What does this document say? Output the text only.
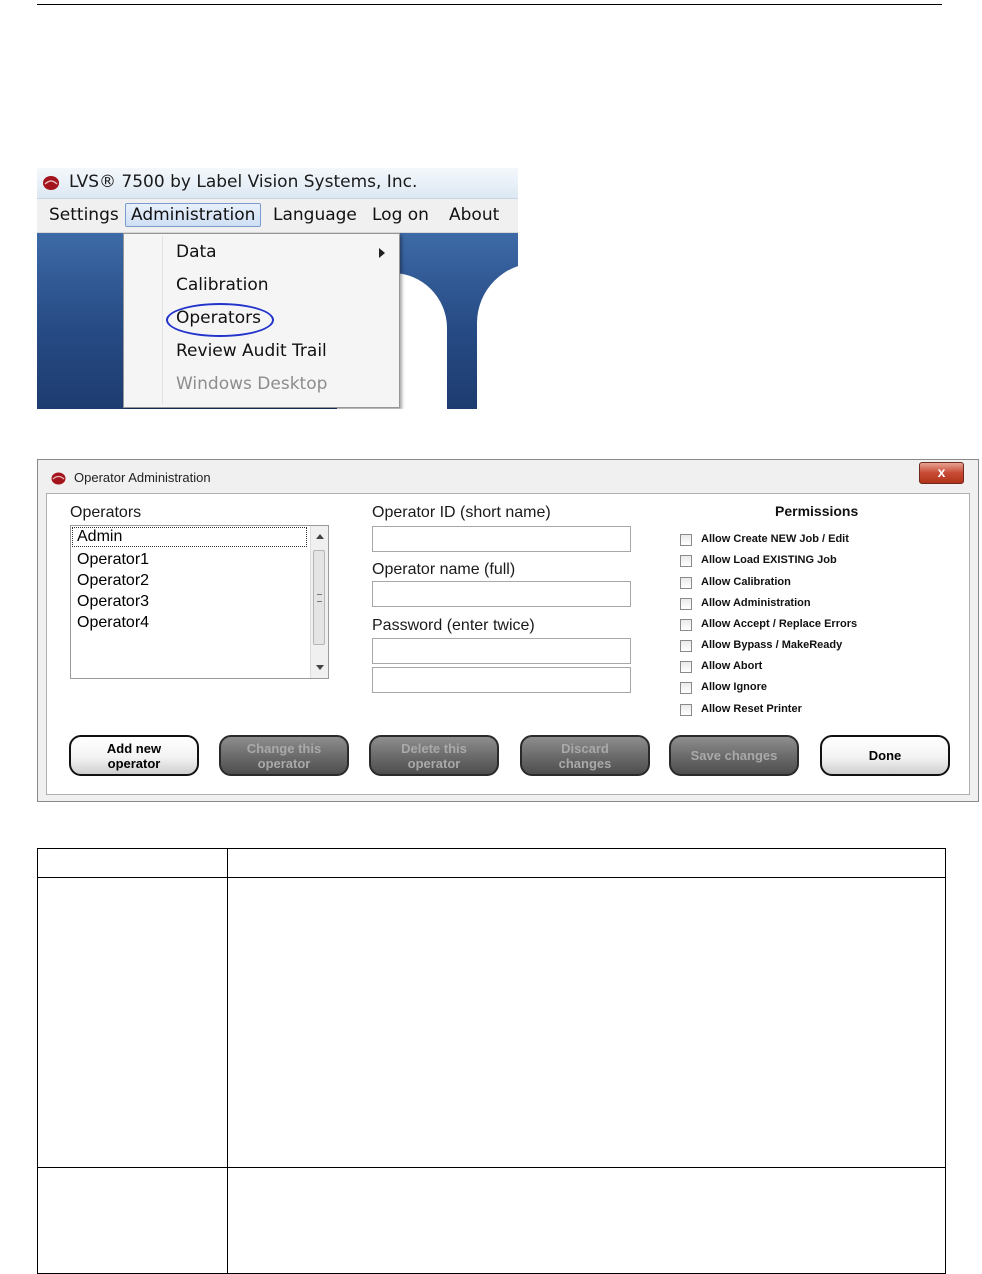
LVS® 7500 by Label Vision Systems, Inc.
Settings Administration	Language Log on About
Data
Calibration
Operators
Review Audit Trail
Windows Desktop
Operator Administration	x
Operators
Admin
Operator1
Operator2
Operator3
Operator4
Operator ID (short name)
Operator name (full)
Password (enter twice)
Permissions
Allow Create NEW Job / Edit
Allow Load EXISTING Job
Allow Calibration
Allow Administration
Allow Accept / Replace Errors
Allow Bypass / MakeReady
Allow Abort
Allow Ignore
Allow Reset Printer
Add new
operator
Change this
operator
Delete this
operator
Discard
changes	Save changes	Done
